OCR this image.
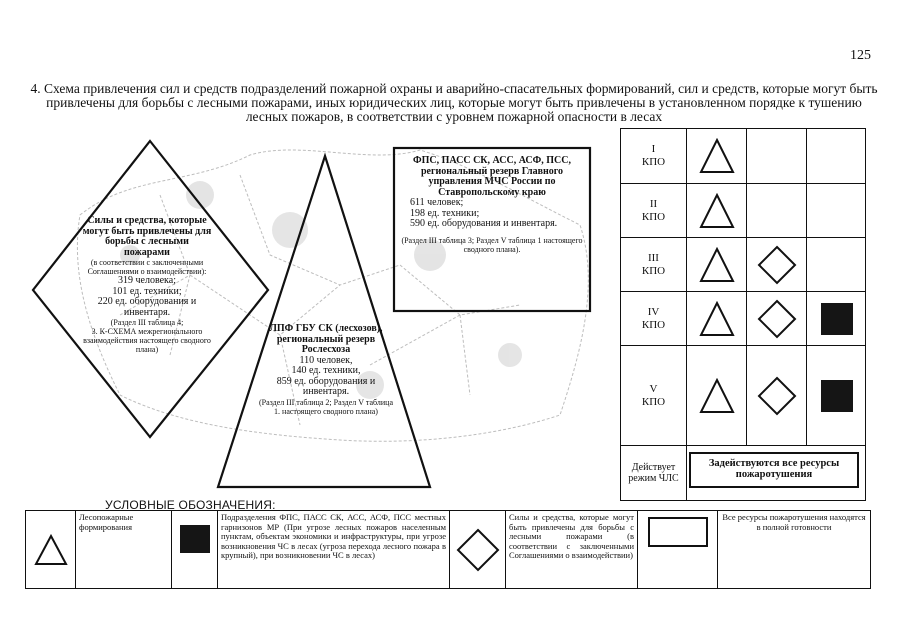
125
4. Схема привлечения сил и средств подразделений пожарной охраны и аварийно-спасательных формирований, сил и средств, которые могут быть привлечены для борьбы с лесными пожарами, иных юридических лиц, которые могут быть привлечены в установленном порядке к тушению лесных пожаров, в соответствии с уровнем пожарной опасности в лесах
Силы и средства, которые могут быть привлечены для борьбы с лесными пожарами
(в соответствии с заключенными Соглашениями о взаимодействии):
319 человека;
101 ед. техники;
220 ед. оборудования и инвентаря.
(Раздел III таблица 4;
3. К-СХЕМА межрегионального взаимодействия настоящего сводного плана)
ЛПФ ГБУ СК (лесхозов), региональный резерв Рослесхоза
110 человек,
140 ед. техники,
859 ед. оборудования и инвентаря.
(Раздел III таблица 2; Раздел V таблица 1. настоящего сводного плана)
ФПС, ПАСС СК, АСС, АСФ, ПСС, региональный резерв Главного управления МЧС России по Ставропольскому краю
611 человек;
198 ед. техники;
590 ед. оборудования и инвентаря.
(Раздел III таблица 3; Раздел V таблица 1 настоящего сводного плана).
I
КПО
II
КПО
III
КПО
IV
КПО
V
КПО
Действует режим ЧЛС
Задействуются все ресурсы пожаротушения
УСЛОВНЫЕ ОБОЗНАЧЕНИЯ:
Лесопожарные формирования
Подразделения ФПС, ПАСС СК, АСС, АСФ, ПСС местных гарнизонов МР (При угрозе лесных пожаров населенным пунктам, объектам экономики и инфраструктуры, при угрозе возникновения ЧС в лесах (угроза перехода лесного пожара в крупный), при возникновении ЧС в лесах)
Силы и средства, которые могут быть привлечены для борьбы с лесными пожарами (в соответствии с заключенными Соглашениями о взаимодействии)
Все ресурсы пожаротушения находятся в полной готовности
